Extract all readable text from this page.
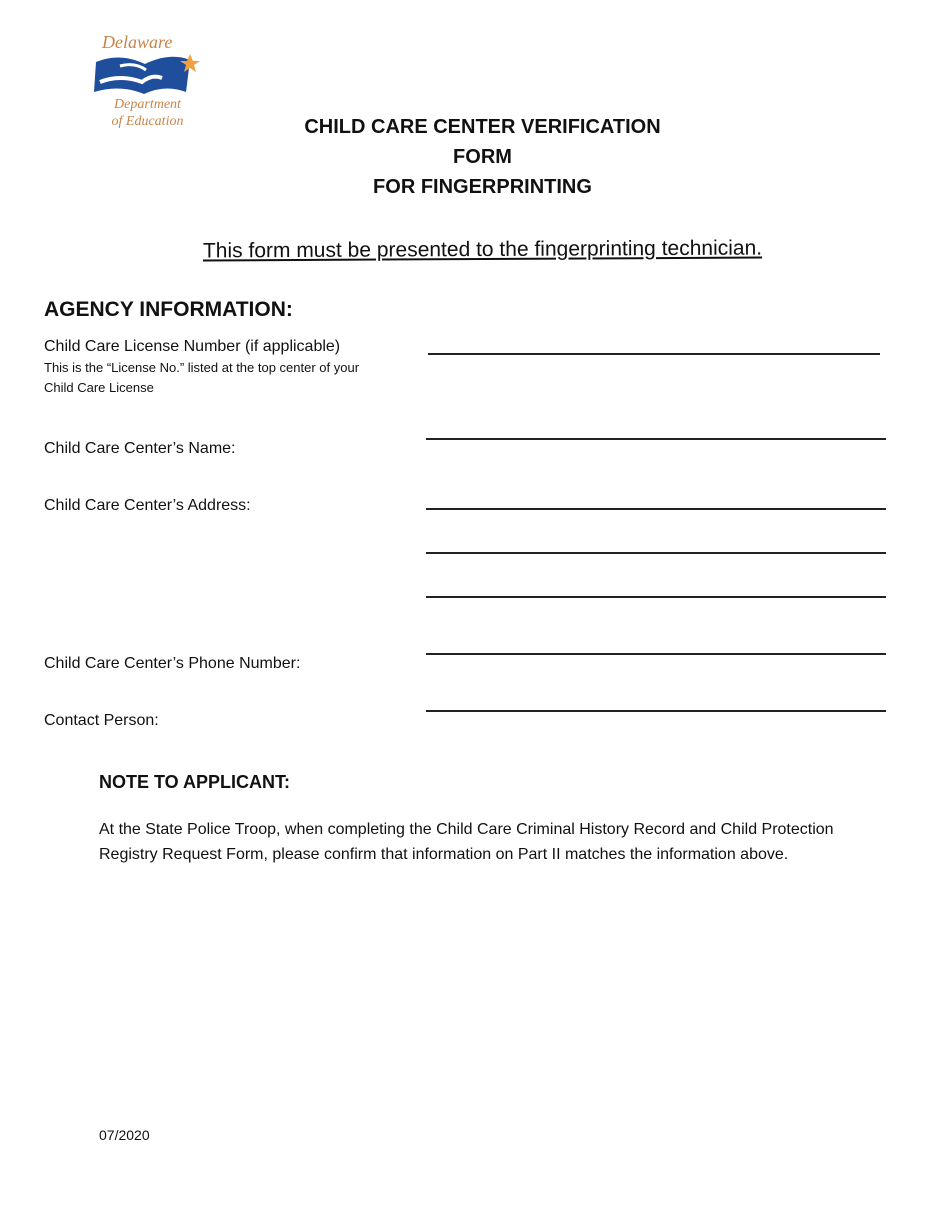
Delaware
Department
of Education	CHILD CARE CENTER VERIFICATION
FORM
FOR FINGERPRINTING
This form must be presented to the fingerprinting technician.
AGENCY INFORMATION:
Child Care License Number (if applicable)
This is the “License No.” listed at the top center of your
Child Care License
Child Care Center’s Name:
Child Care Center’s Address:
Child Care Center’s Phone Number:
Contact Person:
NOTE TO APPLICANT:
At the State Police Troop, when completing the Child Care Criminal History Record and Child Protection Registry Request Form, please confirm that information on Part II matches the information above.
07/2020
